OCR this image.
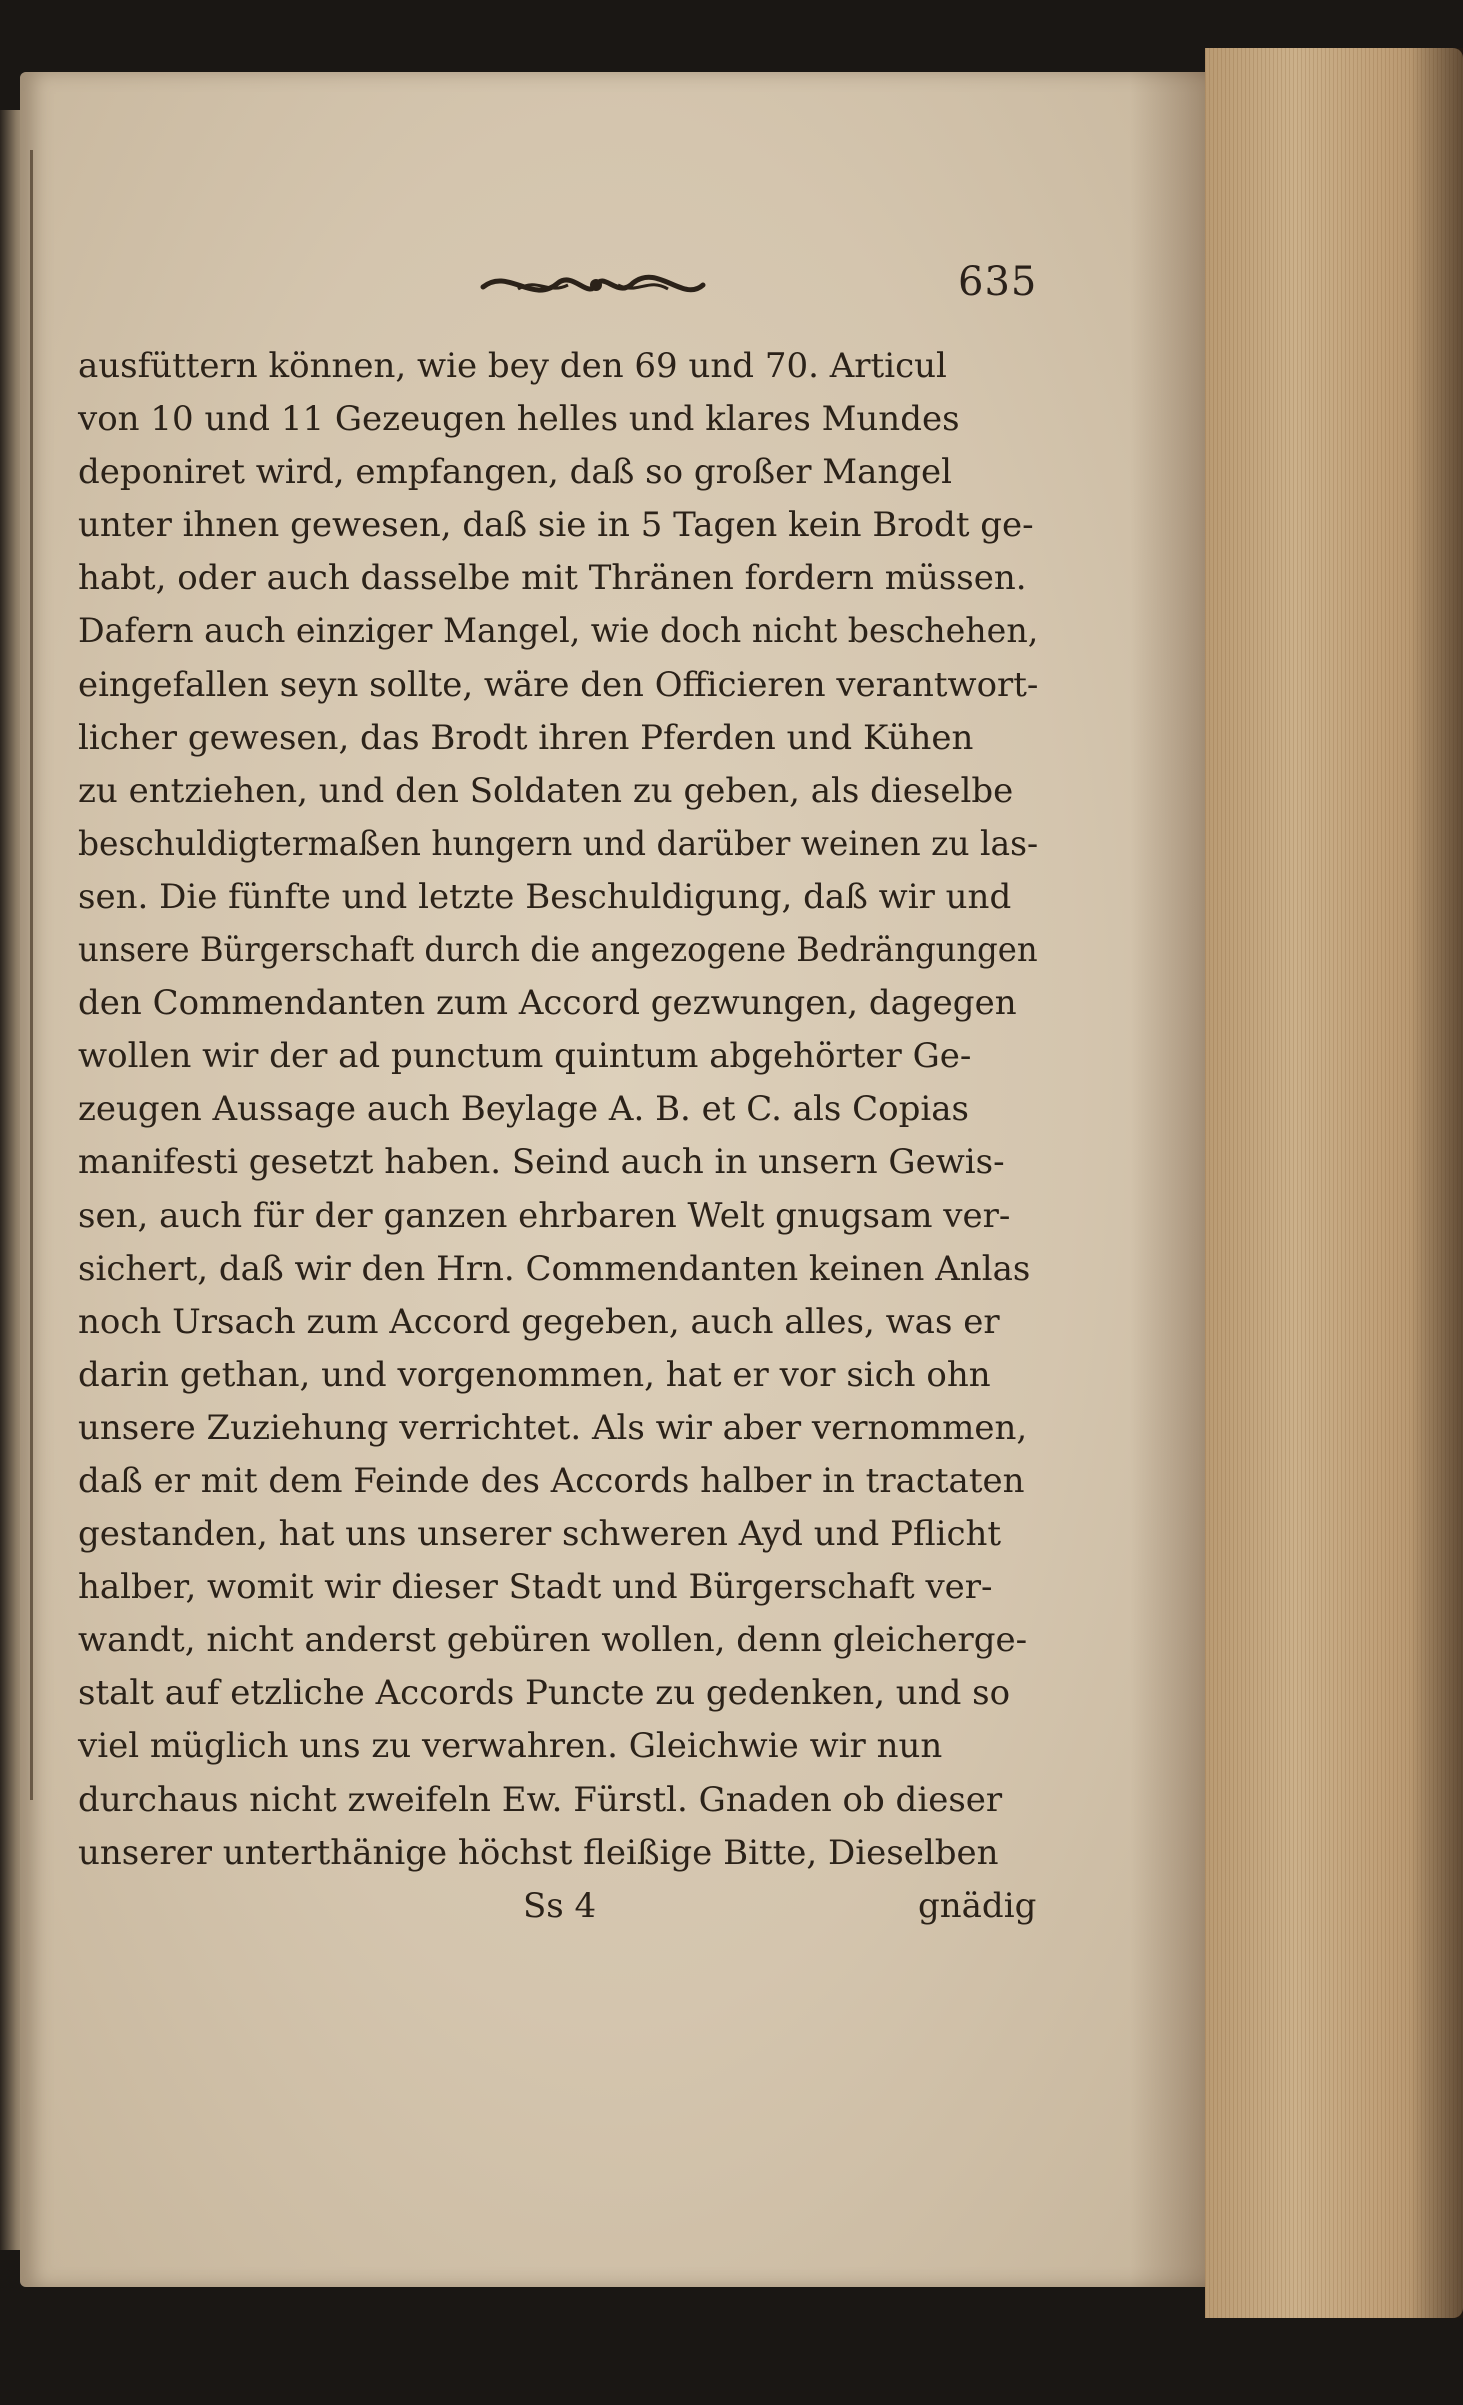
635
ausfüttern können, wie bey den 69 und 70. Articul
von 10 und 11 Gezeugen helles und klares Mundes
deponiret wird, empfangen, daß so großer Mangel
unter ihnen gewesen, daß sie in 5 Tagen kein Brodt ge-
habt, oder auch dasselbe mit Thränen fordern müssen.
Dafern auch einziger Mangel, wie doch nicht beschehen,
eingefallen seyn sollte, wäre den Officieren verantwort-
licher gewesen, das Brodt ihren Pferden und Kühen
zu entziehen, und den Soldaten zu geben, als dieselbe
beschuldigtermaßen hungern und darüber weinen zu las-
sen. Die fünfte und letzte Beschuldigung, daß wir und
unsere Bürgerschaft durch die angezogene Bedrängungen
den Commendanten zum Accord gezwungen, dagegen
wollen wir der ad punctum quintum abgehörter Ge-
zeugen Aussage auch Beylage A. B. et C. als Copias
manifesti gesetzt haben. Seind auch in unsern Gewis-
sen, auch für der ganzen ehrbaren Welt gnugsam ver-
sichert, daß wir den Hrn. Commendanten keinen Anlas
noch Ursach zum Accord gegeben, auch alles, was er
darin gethan, und vorgenommen, hat er vor sich ohn
unsere Zuziehung verrichtet. Als wir aber vernommen,
daß er mit dem Feinde des Accords halber in tractaten
gestanden, hat uns unserer schweren Ayd und Pflicht
halber, womit wir dieser Stadt und Bürgerschaft ver-
wandt, nicht anderst gebüren wollen, denn gleicherge-
stalt auf etzliche Accords Puncte zu gedenken, und so
viel müglich uns zu verwahren. Gleichwie wir nun
durchaus nicht zweifeln Ew. Fürstl. Gnaden ob dieser
unserer unterthänige höchst fleißige Bitte, Dieselben
Ss 4	gnädig
